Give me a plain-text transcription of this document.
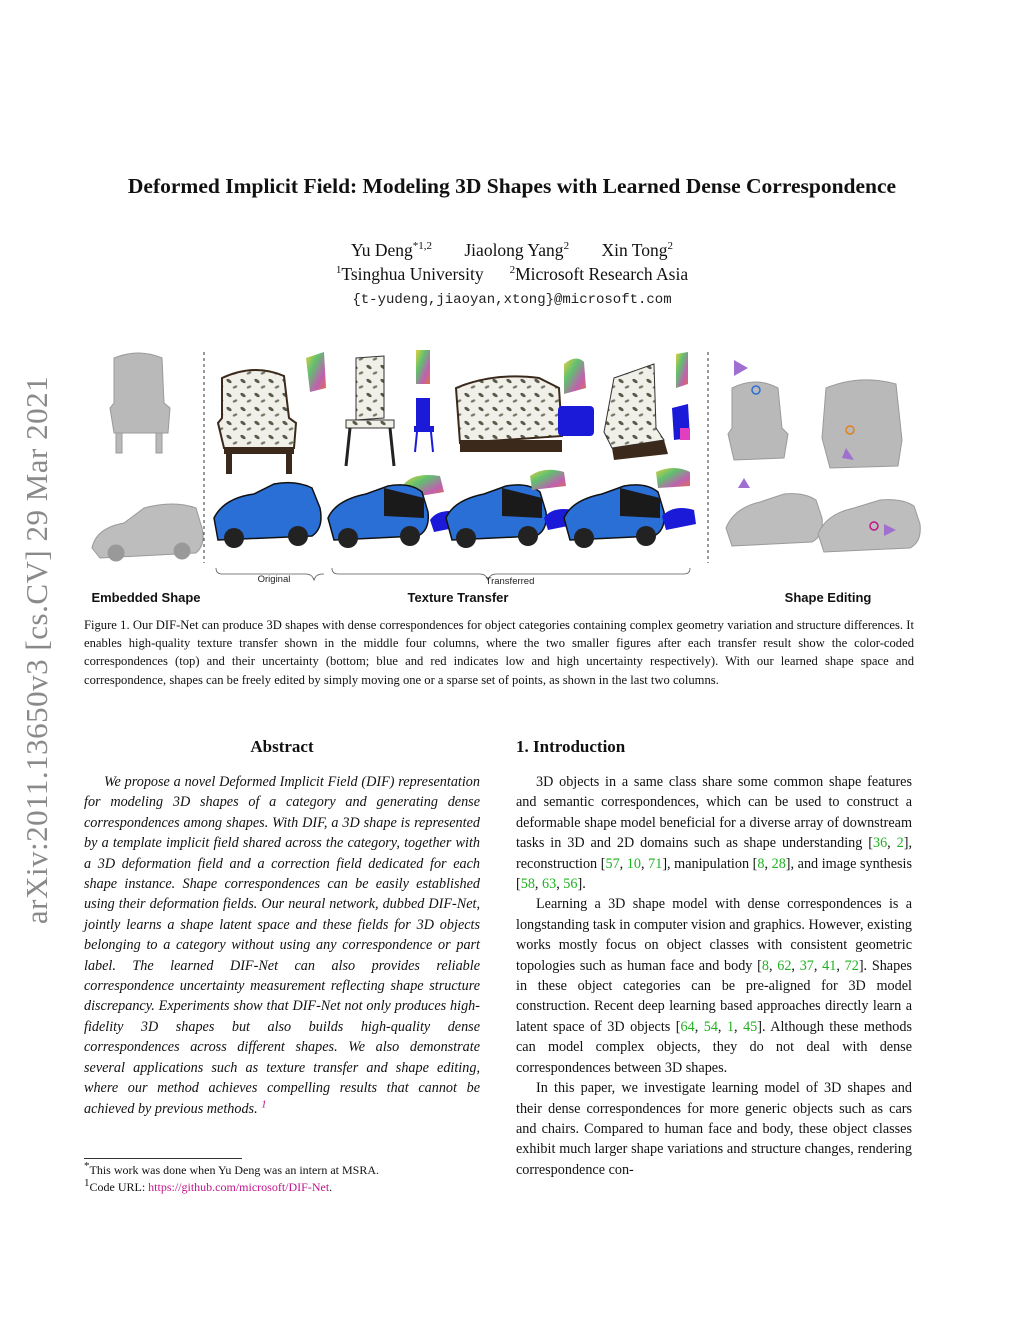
arXiv:2011.13650v3 [cs.CV] 29 Mar 2021
Deformed Implicit Field: Modeling 3D Shapes with Learned Dense Correspondence
Yu Deng$^{*1,2}$ Jiaolong Yang$^2$ Xin Tong$^2$
$^1$Tsinghua University $^2$Microsoft Research Asia
{t-yudeng,jiaoyan,xtong}@microsoft.com
Original	Transferred
Embedded Shape	Texture Transfer	Shape Editing
Figure 1. Our DIF-Net can produce 3D shapes with dense correspondences for object categories containing complex geometry variation and structure differences. It enables high-quality texture transfer shown in the middle four columns, where the two smaller figures after each transfer result show the color-coded correspondences (top) and their uncertainty (bottom; blue and red indicates low and high uncertainty respectively). With our learned shape space and correspondence, shapes can be freely edited by simply moving one or a sparse set of points, as shown in the last two columns.
Abstract
We propose a novel Deformed Implicit Field (DIF) representation for modeling 3D shapes of a category and generating dense correspondences among shapes. With DIF, a 3D shape is represented by a template implicit field shared across the category, together with a 3D deformation field and a correction field dedicated for each shape instance. Shape correspondences can be easily established using their deformation fields. Our neural network, dubbed DIF-Net, jointly learns a shape latent space and these fields for 3D objects belonging to a category without using any correspondence or part label. The learned DIF-Net can also provides reliable correspondence uncertainty measurement reflecting shape structure discrepancy. Experiments show that DIF-Net not only produces high-fidelity 3D shapes but also builds high-quality dense correspondences across different shapes. We also demonstrate several applications such as texture transfer and shape editing, where our method achieves compelling results that cannot be achieved by previous methods. $^1$
*This work was done when Yu Deng was an intern at MSRA.
$^1$Code URL: https://github.com/microsoft/DIF-Net.
1. Introduction

3D objects in a same class share some common shape features and semantic correspondences, which can be used to construct a deformable shape model beneficial for a diverse array of downstream tasks in 3D and 2D domains such as shape understanding [36, 2], reconstruction [57, 10, 71], manipulation [8, 28], and image synthesis [58, 63, 56].

Learning a 3D shape model with dense correspondences is a longstanding task in computer vision and graphics. However, existing works mostly focus on object classes with consistent geometric topologies such as human face and body [8, 62, 37, 41, 72]. Shapes in these object categories can be pre-aligned for 3D model construction. Recent deep learning based approaches directly learn a latent space of 3D objects [64, 54, 1, 45]. Although these methods can model complex objects, they do not deal with dense correspondences between 3D shapes.

In this paper, we investigate learning model of 3D shapes and their dense correspondences for more generic objects such as cars and chairs. Compared to human face and body, these object classes exhibit much larger shape variations and structure changes, rendering correspondence con-
